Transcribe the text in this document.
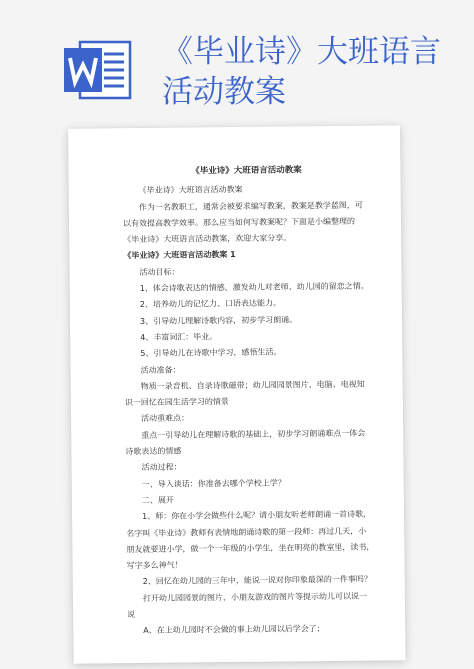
《毕业诗》大班语言活动教案
《毕业诗》大班语言活动教案
《毕业诗》大班语言活动教案
作为一名教职工，通常会被要求编写教案，教案是教学蓝图，可
以有效提高教学效率。那么应当如何写教案呢？下面是小编整理的
《毕业诗》大班语言活动教案，欢迎大家分享。
《毕业诗》大班语言活动教案 1
活动目标：
1、体会诗歌表达的情感，激发幼儿对老师、幼儿园的留恋之情。
2、培养幼儿的记忆力、口语表达能力。
3、引导幼儿理解诗歌内容，初步学习朗诵。
4、丰富词汇：毕业。
5、引导幼儿在诗歌中学习，感悟生活。
活动准备：
物质一录音机、自录诗歌磁带；幼儿园园景图片、电脑、电视知
识一回忆在园生活学习的情景
活动重难点：
重点一引导幼儿在理解诗歌的基础上，初步学习朗诵难点一体会
诗歌表达的情感
活动过程：
一、导入谈话：你准备去哪个学校上学？
二、展开
1、师：你在小学会做些什么呢？请小朋友听老师朗诵一首诗歌，
名字叫《毕业诗》教师有表情地朗诵诗歌的第一段师：再过几天，小
朋友就要进小学，做一个一年级的小学生，坐在明亮的教室里，读书，
写字多么神气！
2、回忆在幼儿园的三年中，能说一说对你印象最深的一件事吗？
打开幼儿园园景的图片，小朋友游戏的图片等提示幼儿可以说一
说
A、在上幼儿园时不会做的事上幼儿园以后学会了；
